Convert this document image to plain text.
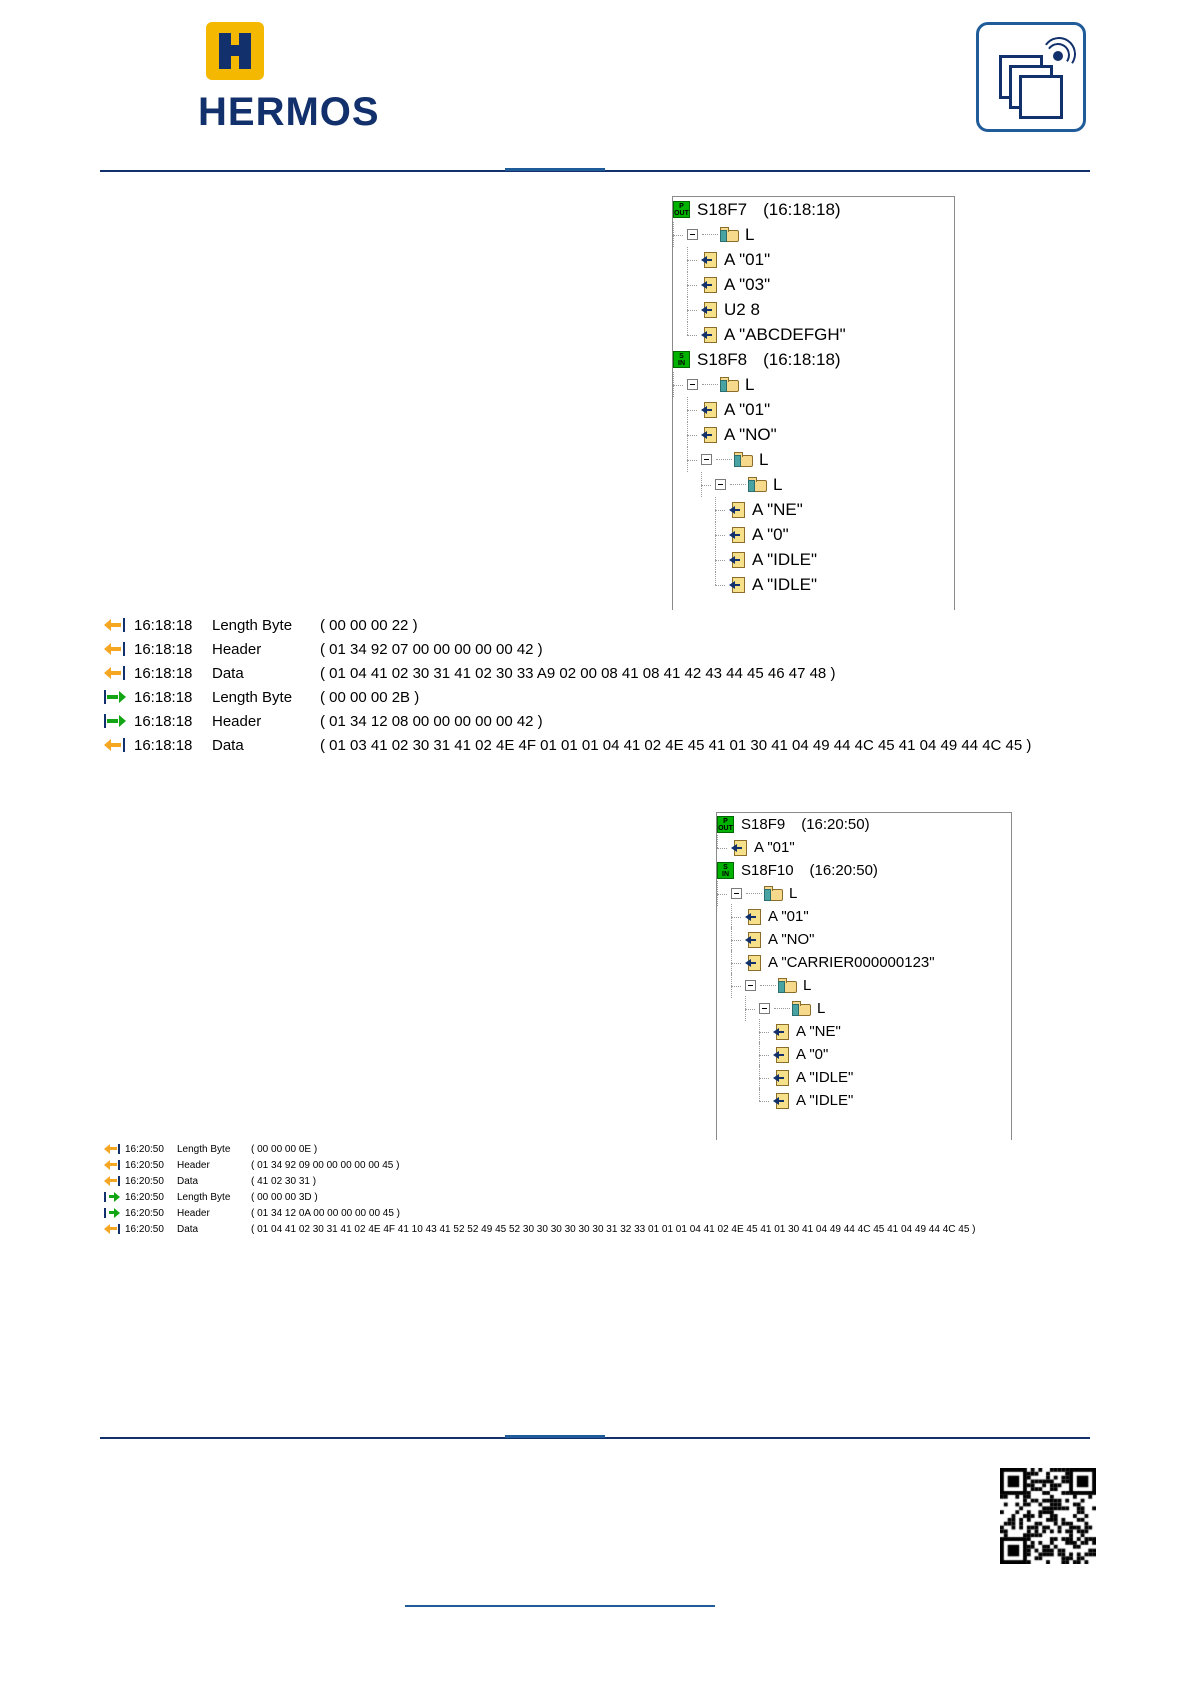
HERMOS
P
OUT S18F7 (16:18:18)
L
A "01"
A "03"
U2 8
A "ABCDEFGH"
S
IN S18F8 (16:18:18)
L
A "01"
A "NO"
L
L
A "NE"
A "0"
A "IDLE"
A "IDLE"
P
OUT S18F9 (16:20:50)
A "01"
S
IN S18F10 (16:20:50)
L
A "01"
A "NO"
A "CARRIER000000123"
L
L
A "NE"
A "0"
A "IDLE"
A "IDLE"
16:18:18	Length Byte	( 00 00 00 22 )
16:18:18	Header	( 01 34 92 07 00 00 00 00 00 42 )
16:18:18	Data	( 01 04 41 02 30 31 41 02 30 33 A9 02 00 08 41 08 41 42 43 44 45 46 47 48 )
16:18:18	Length Byte	( 00 00 00 2B )
16:18:18	Header	( 01 34 12 08 00 00 00 00 00 42 )
16:18:18	Data	( 01 03 41 02 30 31 41 02 4E 4F 01 01 01 04 41 02 4E 45 41 01 30 41 04 49 44 4C 45 41 04 49 44 4C 45 )
16:20:50	Length Byte	( 00 00 00 0E )
16:20:50	Header	( 01 34 92 09 00 00 00 00 00 45 )
16:20:50	Data	( 41 02 30 31 )
16:20:50	Length Byte	( 00 00 00 3D )
16:20:50	Header	( 01 34 12 0A 00 00 00 00 00 45 )
16:20:50	Data	( 01 04 41 02 30 31 41 02 4E 4F 41 10 43 41 52 52 49 45 52 30 30 30 30 30 30 31 32 33 01 01 01 04 41 02 4E 45 41 01 30 41 04 49 44 4C 45 41 04 49 44 4C 45 )
